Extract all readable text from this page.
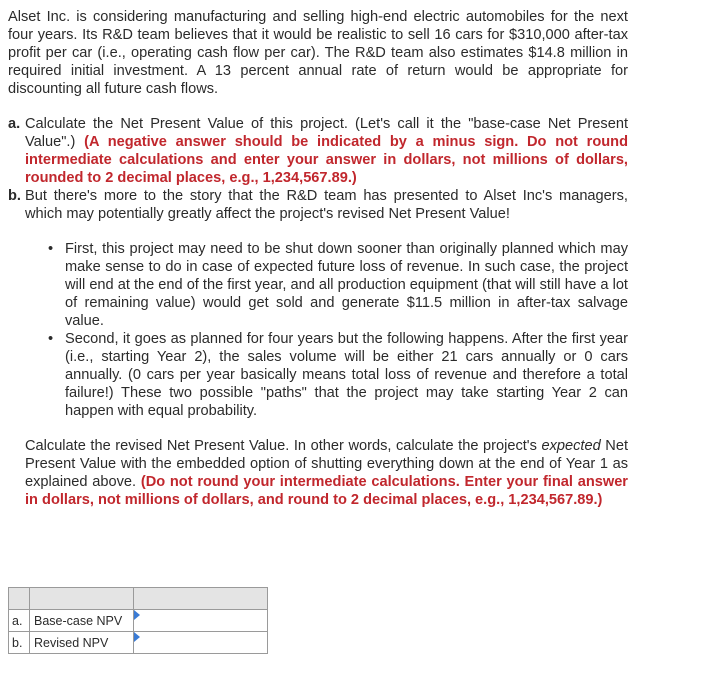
Alset Inc. is considering manufacturing and selling high-end electric automobiles for the next four years. Its R&D team believes that it would be realistic to sell 16 cars for $310,000 after-tax profit per car (i.e., operating cash flow per car). The R&D team also estimates $14.8 million in required initial investment. A 13 percent annual rate of return would be appropriate for discounting all future cash flows.

a. Calculate the Net Present Value of this project. (Let's call it the "base-case Net Present Value".) (A negative answer should be indicated by a minus sign. Do not round intermediate calculations and enter your answer in dollars, not millions of dollars, rounded to 2 decimal places, e.g., 1,234,567.89.)
b. But there's more to the story that the R&D team has presented to Alset Inc's managers, which may potentially greatly affect the project's revised Net Present Value!
• First, this project may need to be shut down sooner than originally planned which may make sense to do in case of expected future loss of revenue. In such case, the project will end at the end of the first year, and all production equipment (that will still have a lot of remaining value) would get sold and generate $11.5 million in after-tax salvage value.
• Second, it goes as planned for four years but the following happens. After the first year (i.e., starting Year 2), the sales volume will be either 21 cars annually or 0 cars annually. (0 cars per year basically means total loss of revenue and therefore a total failure!) These two possible "paths" that the project may take starting Year 2 can happen with equal probability.

Calculate the revised Net Present Value. In other words, calculate the project's expected Net Present Value with the embedded option of shutting everything down at the end of Year 1 as explained above. (Do not round your intermediate calculations. Enter your final answer in dollars, not millions of dollars, and round to 2 decimal places, e.g., 1,234,567.89.)

a.	Base-case NPV	

b.	Revised NPV	
